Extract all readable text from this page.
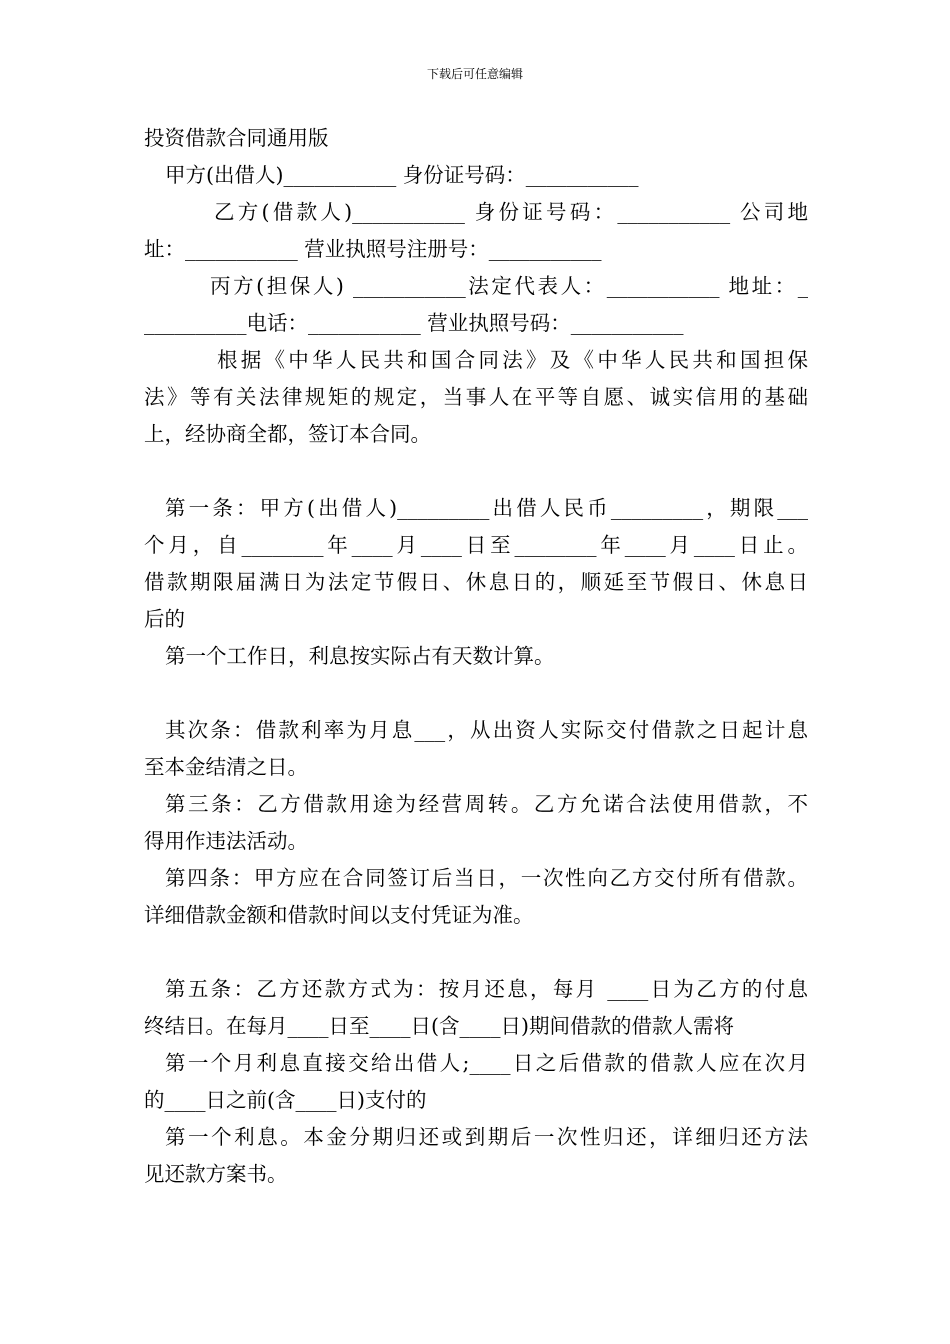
下载后可任意编辑
投资借款合同通用版
甲方(出借人)___________ 身份证号码：___________
乙方(借款人)___________ 身份证号码：___________ 公司地
址：___________ 营业执照号注册号：___________
丙方(担保人) ___________法定代表人：___________ 地址：_
__________电话：___________ 营业执照号码：___________
根据《中华人民共和国合同法》及《中华人民共和国担保
法》等有关法律规矩的规定，当事人在平等自愿、诚实信用的基础
上，经协商全都，签订本合同。
第一条：甲方(出借人)_________出借人民币_________，期限___
个月，自________年____月____日至________年____月____日止。
借款期限届满日为法定节假日、休息日的，顺延至节假日、休息日
后的
第一个工作日，利息按实际占有天数计算。
其次条：借款利率为月息___，从出资人实际交付借款之日起计息
至本金结清之日。
第三条：乙方借款用途为经营周转。乙方允诺合法使用借款，不
得用作违法活动。
第四条：甲方应在合同签订后当日，一次性向乙方交付所有借款。
详细借款金额和借款时间以支付凭证为准。
第五条：乙方还款方式为：按月还息，每月 ____日为乙方的付息
终结日。在每月____日至____日(含____日)期间借款的借款人需将
第一个月利息直接交给出借人;____日之后借款的借款人应在次月
的____日之前(含____日)支付的
第一个利息。本金分期归还或到期后一次性归还，详细归还方法
见还款方案书。
